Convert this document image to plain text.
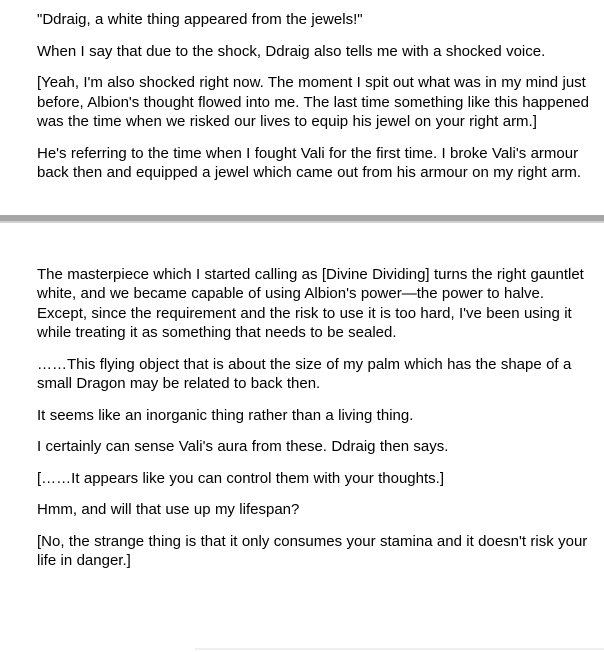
"Ddraig, a white thing appeared from the jewels!"

When I say that due to the shock, Ddraig also tells me with a shocked voice.

[Yeah, I'm also shocked right now. The moment I spit out what was in my mind just before, Albion's thought flowed into me. The last time something like this happened was the time when we risked our lives to equip his jewel on your right arm.]

He's referring to the time when I fought Vali for the first time. I broke Vali's armour back then and equipped a jewel which came out from his armour on my right arm.

The masterpiece which I started calling as [Divine Dividing] turns the right gauntlet white, and we became capable of using Albion's power—the power to halve. Except, since the requirement and the risk to use it is too hard, I've been using it while treating it as something that needs to be sealed.

……This flying object that is about the size of my palm which has the shape of a small Dragon may be related to back then.

It seems like an inorganic thing rather than a living thing.

I certainly can sense Vali's aura from these. Ddraig then says.

[……It appears like you can control them with your thoughts.]

Hmm, and will that use up my lifespan?

[No, the strange thing is that it only consumes your stamina and it doesn't risk your life in danger.]
